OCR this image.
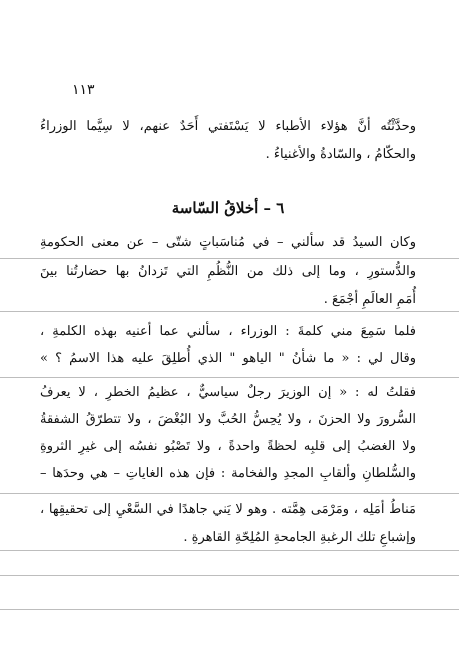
١١٣
وحدَّثْتُه أنَّ هؤلاء الأطباء لا يَسْتَفتي أَحَدٌ عنهم، لا سِيَّما الوزراءُ
والحكّامُ ، والسّادةُ والأغنياءُ .
٦ – أخلاقُ السّاسة
وكان السيدُ قد سألني – في مُناسَباتٍ شتّى – عن معنى الحكومةِ
والدُّستورِ ، وما إلى ذلك من النُّظُمِ التي تَزدانُ بها حضارتُنا بينَ
أُمَمِ العالَمِ أجْمَعَ .
فلما سَمِعَ مني كلمةَ : الوزراء ، سألني عما أعنيه بهذه الكلمةِ ،
وقال لي : « ما شأنُ " الياهو " الذي أُطلِقَ عليه هذا الاسمُ ؟ »
فقلتُ له : « إن الوزيرَ رجلٌ سياسيٌّ ، عظيمُ الخطرِ ، لا يعرفُ
السُّرورَ ولا الحزنَ ، ولا يُحِسُّ الحُبَّ ولا البُغْضَ ، ولا تتطرّقُ الشفقةُ
ولا الغضبُ إلى قلبِه لحظةً واحدةً ، ولا تَصْبُو نفسُه إلى غيرِ الثروةِ
والسُّلطانِ وألقابِ المجدِ والفخامة : فإن هذه الغاياتِ – هي وحدَها –
مَناطُ أمَلِه ، ومَرْمَى هِمَّته . وهو لا يَني جاهدًا في السَّعْيِ إلى تحقيقِها ،
وإشباعِ تلك الرغبةِ الجامحةِ المُلِحّةِ القاهرةِ .
